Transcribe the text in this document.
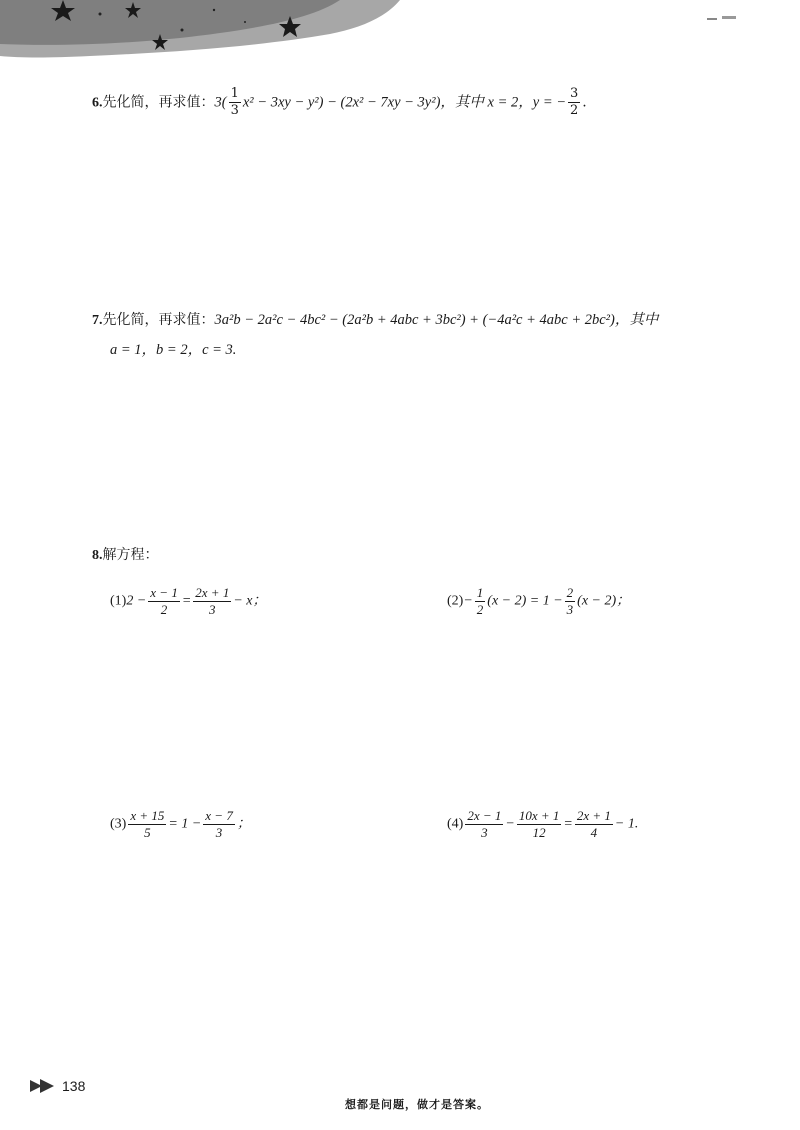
6.先化简，再求值：$3( \frac{1}{3} x^2 - 3xy - y^2) - (2x^2 - 7xy - 3y^2)$，其中 x = 2，y = − $\frac{3}{2}$ .
7.先化简，再求值：3a²b − 2a²c − 4bc² − (2a²b + 4abc + 3bc²) + (−4a²c + 4abc + 2bc²)，其中
a = 1，b = 2，c = 3.
8.解方程：
$(1)2 - \frac{x - 1}{2} = \frac{2x + 1}{3} - x$；	$(2)- \frac{1}{2} (x - 2) = 1 - \frac{2}{3} (x - 2)$；
$(3) \frac{x + 15}{5} = 1 - \frac{x - 7}{3}$ ；	$(4) \frac{2x - 1}{3} - \frac{10x + 1}{12} = \frac{2x + 1}{4} - 1$.
138
想都是问题，做才是答案。
